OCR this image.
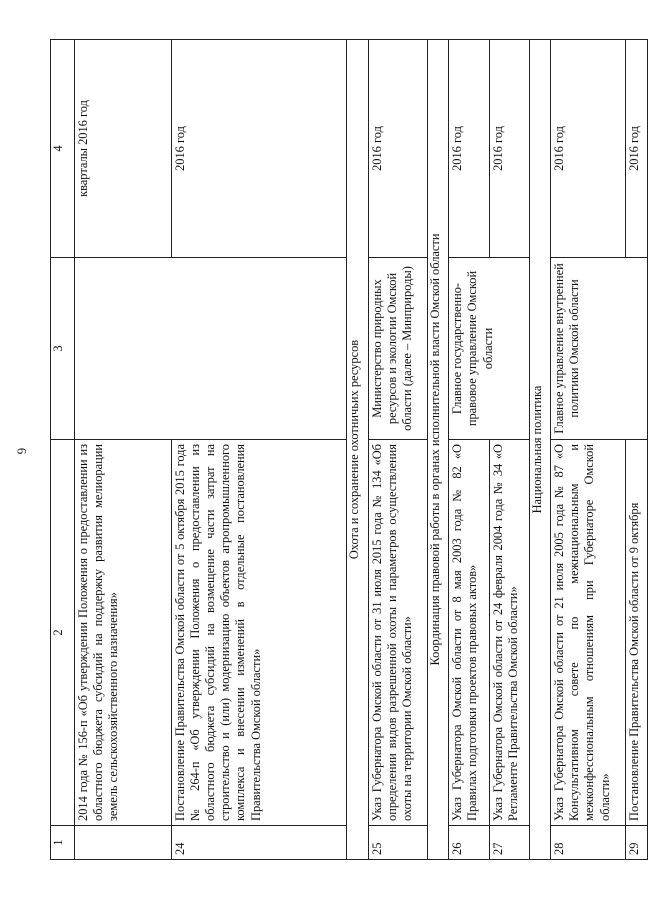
6
1	2	3	4
	2014 года № 156-п «Об утверждении Положения о предоставлении из областного бюджета субсидий на поддержку развития мелиорации земель сельскохозяйственного назначения»		кварталы 2016 год
24	Постановление Правительства Омской области от 5 октября 2015 года № 264-п «Об утверждении Положения о предоставлении из областного бюджета субсидий на возмещение части затрат на строительство и (или) модернизацию объектов агропромышленного комплекса и внесении изменений в отдельные постановления Правительства Омской области»		2016 год
Охота и сохранение охотничьих ресурсов			
25	Указ Губернатора Омской области от 31 июля 2015 года № 134 «Об определении видов разрешенной охоты и параметров осуществления охоты на территории Омской области»	Министерство природных ресурсов и экологии Омской области (далее – Минприроды)	2016 год
Координация правовой работы в органах исполнительной власти Омской области			
26	Указ Губернатора Омской области от 8 мая 2003 года № 82 «О Правилах подготовки проектов правовых актов»	Главное государственно-правовое управление Омской области	2016 год
27	Указ Губернатора Омской области от 24 февраля 2004 года № 34 «О Регламенте Правительства Омской области»		2016 год
Национальная политика			
28	Указ Губернатора Омской области от 21 июля 2005 года № 87 «О Консультативном совете по межнациональным и межконфессиональным отношениям при Губернаторе Омской области»	Главное управление внутренней политики Омской области	2016 год
29	Постановление Правительства Омской области от 9 октября		2016 год
